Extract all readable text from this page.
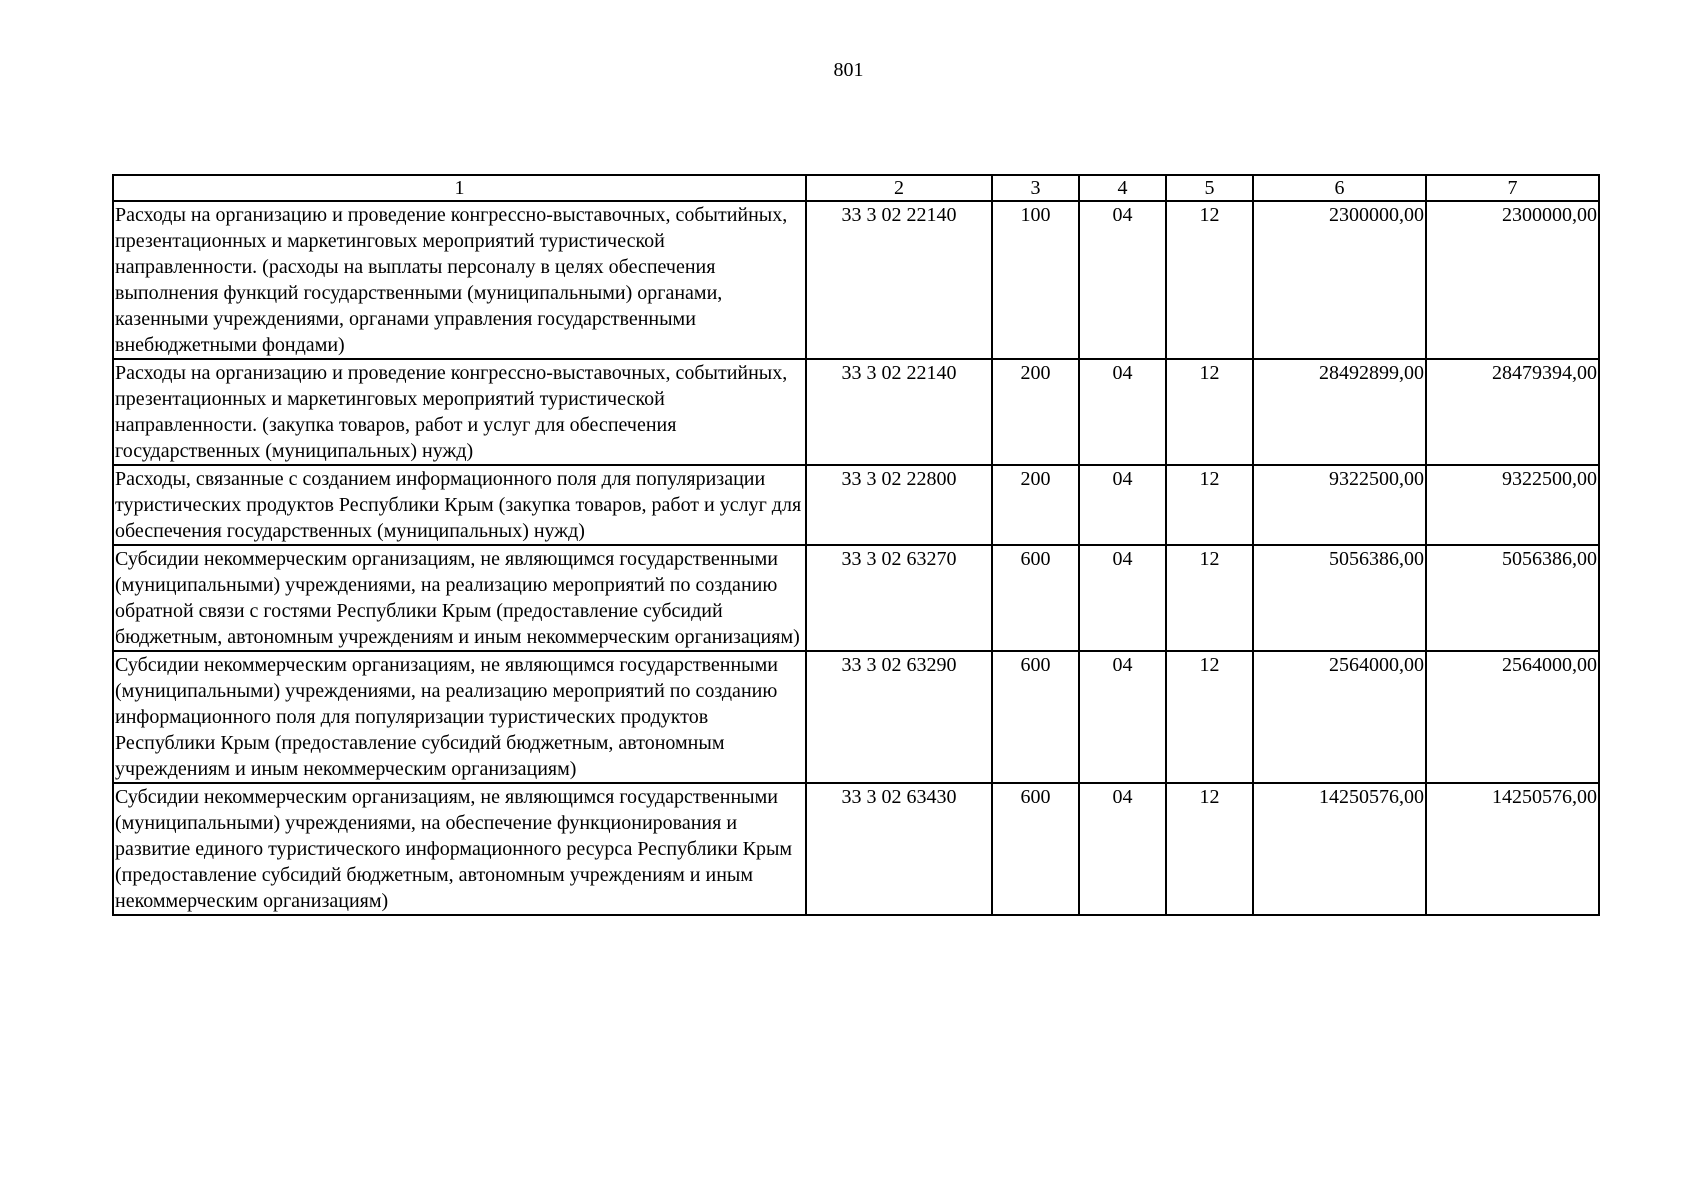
801
1	2	3	4	5	6	7
Расходы на организацию и проведение конгрессно-выставочных, событийных, презентационных и маркетинговых мероприятий туристической направленности. (расходы на выплаты персоналу в целях обеспечения выполнения функций государственными (муниципальными) органами, казенными учреждениями, органами управления государственными внебюджетными фондами)	33 3 02 22140	100	04	12	2300000,00	2300000,00
Расходы на организацию и проведение конгрессно-выставочных, событийных, презентационных и маркетинговых мероприятий туристической направленности. (закупка товаров, работ и услуг для обеспечения государственных (муниципальных) нужд)	33 3 02 22140	200	04	12	28492899,00	28479394,00
Расходы, связанные с созданием информационного поля для популяризации туристических продуктов Республики Крым (закупка товаров, работ и услуг для обеспечения государственных (муниципальных) нужд)	33 3 02 22800	200	04	12	9322500,00	9322500,00
Субсидии некоммерческим организациям, не являющимся государственными (муниципальными) учреждениями, на реализацию мероприятий по созданию обратной связи с гостями Республики Крым (предоставление субсидий бюджетным, автономным учреждениям и иным некоммерческим организациям)	33 3 02 63270	600	04	12	5056386,00	5056386,00
Субсидии некоммерческим организациям, не являющимся государственными (муниципальными) учреждениями, на реализацию мероприятий по созданию информационного поля для популяризации туристических продуктов Республики Крым (предоставление субсидий бюджетным, автономным учреждениям и иным некоммерческим организациям)	33 3 02 63290	600	04	12	2564000,00	2564000,00
Субсидии некоммерческим организациям, не являющимся государственными (муниципальными) учреждениями, на обеспечение функционирования и развитие единого туристического информационного ресурса Республики Крым (предоставление субсидий бюджетным, автономным учреждениям и иным некоммерческим организациям)	33 3 02 63430	600	04	12	14250576,00	14250576,00
